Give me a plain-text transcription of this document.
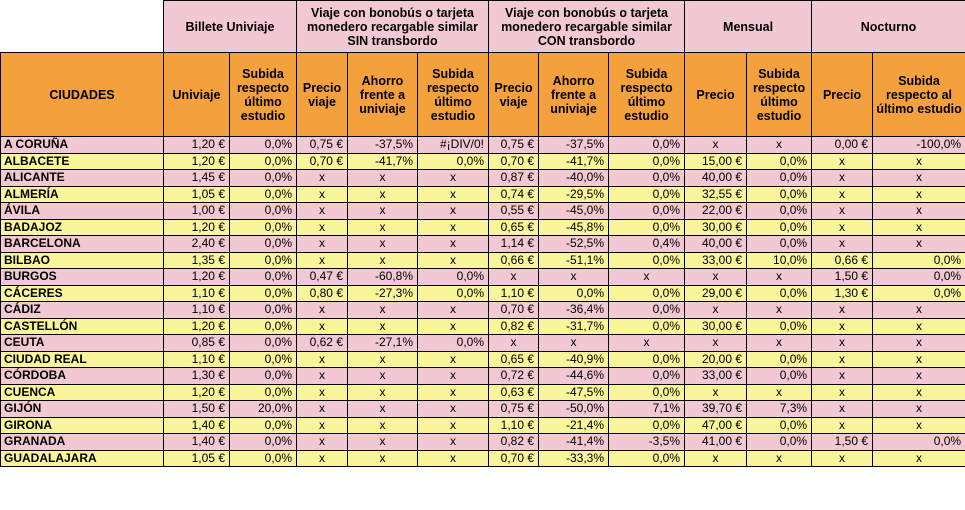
	Billete Univiaje		Viaje con bonobús o tarjeta monedero recargable similar SIN transbordo			Viaje con bonobús o tarjeta monedero recargable similar CON transbordo			Mensual		Nocturno	
CIUDADES	Univiaje	Subida respecto último estudio	Precio viaje	Ahorro frente a univiaje	Subida respecto último estudio	Precio viaje	Ahorro frente a univiaje	Subida respecto último estudio	Precio	Subida respecto último estudio	Precio	Subida respecto al último estudio
A CORUÑA	1,20 €	0,0%	0,75 €	-37,5%	#¡DIV/0!	0,75 €	-37,5%	0,0%	x	x	0,00 €	-100,0%
ALBACETE	1,20 €	0,0%	0,70 €	-41,7%	0,0%	0,70 €	-41,7%	0,0%	15,00 €	0,0%	x	x
ALICANTE	1,45 €	0,0%	x	x	x	0,87 €	-40,0%	0,0%	40,00 €	0,0%	x	x
ALMERÍA	1,05 €	0,0%	x	x	x	0,74 €	-29,5%	0,0%	32,55 €	0,0%	x	x
ÁVILA	1,00 €	0,0%	x	x	x	0,55 €	-45,0%	0,0%	22,00 €	0,0%	x	x
BADAJOZ	1,20 €	0,0%	x	x	x	0,65 €	-45,8%	0,0%	30,00 €	0,0%	x	x
BARCELONA	2,40 €	0,0%	x	x	x	1,14 €	-52,5%	0,4%	40,00 €	0,0%	x	x
BILBAO	1,35 €	0,0%	x	x	x	0,66 €	-51,1%	0,0%	33,00 €	10,0%	0,66 €	0,0%
BURGOS	1,20 €	0,0%	0,47 €	-60,8%	0,0%	x	x	x	x	x	1,50 €	0,0%
CÁCERES	1,10 €	0,0%	0,80 €	-27,3%	0,0%	1,10 €	0,0%	0,0%	29,00 €	0,0%	1,30 €	0,0%
CÁDIZ	1,10 €	0,0%	x	x	x	0,70 €	-36,4%	0,0%	x	x	x	x
CASTELLÓN	1,20 €	0,0%	x	x	x	0,82 €	-31,7%	0,0%	30,00 €	0,0%	x	x
CEUTA	0,85 €	0,0%	0,62 €	-27,1%	0,0%	x	x	x	x	x	x	x
CIUDAD REAL	1,10 €	0,0%	x	x	x	0,65 €	-40,9%	0,0%	20,00 €	0,0%	x	x
CÓRDOBA	1,30 €	0,0%	x	x	x	0,72 €	-44,6%	0,0%	33,00 €	0,0%	x	x
CUENCA	1,20 €	0,0%	x	x	x	0,63 €	-47,5%	0,0%	x	x	x	x
GIJÓN	1,50 €	20,0%	x	x	x	0,75 €	-50,0%	7,1%	39,70 €	7,3%	x	x
GIRONA	1,40 €	0,0%	x	x	x	1,10 €	-21,4%	0,0%	47,00 €	0,0%	x	x
GRANADA	1,40 €	0,0%	x	x	x	0,82 €	-41,4%	-3,5%	41,00 €	0,0%	1,50 €	0,0%
GUADALAJARA	1,05 €	0,0%	x	x	x	0,70 €	-33,3%	0,0%	x	x	x	x
